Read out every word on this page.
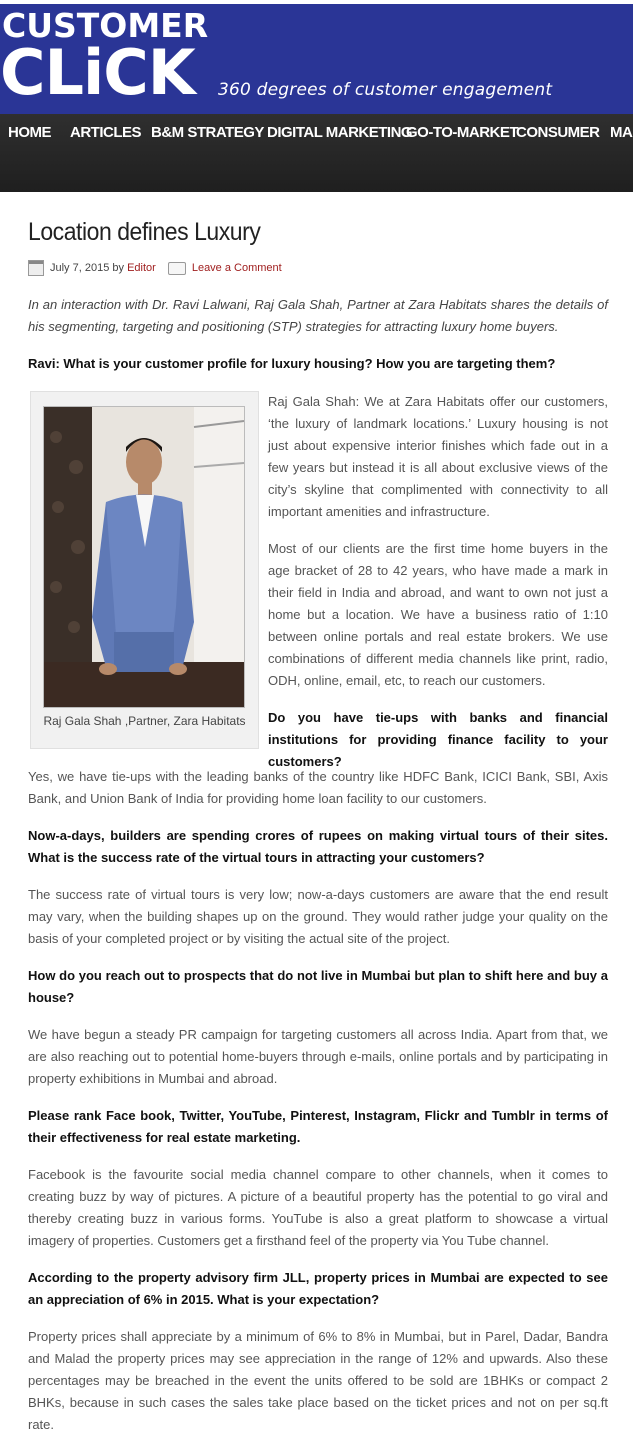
CUSTOMER
CLiCK 360 degrees of customer engagement
HOME ARTICLES B&M STRATEGY DIGITAL MARKETING
GO-TO-MARKET
CONSUMER MAR
Location defines Luxury
July 7, 2015
by
Editor	Leave a Comment
In an interaction with Dr. Ravi Lalwani, Raj Gala Shah, Partner at Zara Habitats shares the details of his segmenting, targeting and positioning (STP) strategies for attracting luxury home buyers.
Ravi: What is your customer profile for luxury housing? How you are targeting them?
Raj Gala Shah ,Partner, Zara Habitats
Raj Gala Shah: We at Zara Habitats offer our customers, ‘the luxury of landmark locations.’ Luxury housing is not just about expensive interior finishes which fade out in a few years but instead it is all about exclusive views of the city’s skyline that complimented with connectivity to all important amenities and infrastructure.
Most of our clients are the first time home buyers in the age bracket of 28 to 42 years, who have made a mark in their field in India and abroad, and want to own not just a home but a location. We have a business ratio of 1:10 between online portals and real estate brokers. We use combinations of different media channels like print, radio, ODH, online, email, etc, to reach our customers.
Do you have tie-ups with banks and financial institutions for providing finance facility to your customers?
Yes, we have tie-ups with the leading banks of the country like HDFC Bank, ICICI Bank, SBI, Axis Bank, and Union Bank of India for providing home loan facility to our customers.
Now-a-days, builders are spending crores of rupees on making virtual tours of their sites. What is the success rate of the virtual tours in attracting your customers?
The success rate of virtual tours is very low; now-a-days customers are aware that the end result may vary, when the building shapes up on the ground. They would rather judge your quality on the basis of your completed project or by visiting the actual site of the project.
How do you reach out to prospects that do not live in Mumbai but plan to shift here and buy a house?
We have begun a steady PR campaign for targeting customers all across India. Apart from that, we are also reaching out to potential home-buyers through e-mails, online portals and by participating in property exhibitions in Mumbai and abroad.
Please rank Face book, Twitter, YouTube, Pinterest, Instagram, Flickr and Tumblr in terms of their effectiveness for real estate marketing.
Facebook is the favourite social media channel compare to other channels, when it comes to creating buzz by way of pictures. A picture of a beautiful property has the potential to go viral and thereby creating buzz in various forms. YouTube is also a great platform to showcase a virtual imagery of properties. Customers get a firsthand feel of the property via You Tube channel.
According to the property advisory firm JLL, property prices in Mumbai are expected to see an appreciation of 6% in 2015. What is your expectation?
Property prices shall appreciate by a minimum of 6% to 8% in Mumbai, but in Parel, Dadar, Bandra and Malad the property prices may see appreciation in the range of 12% and upwards. Also these percentages may be breached in the event the units offered to be sold are 1BHKs or compact 2 BHKs, because in such cases the sales take place based on the ticket prices and not on per sq.ft rate.
